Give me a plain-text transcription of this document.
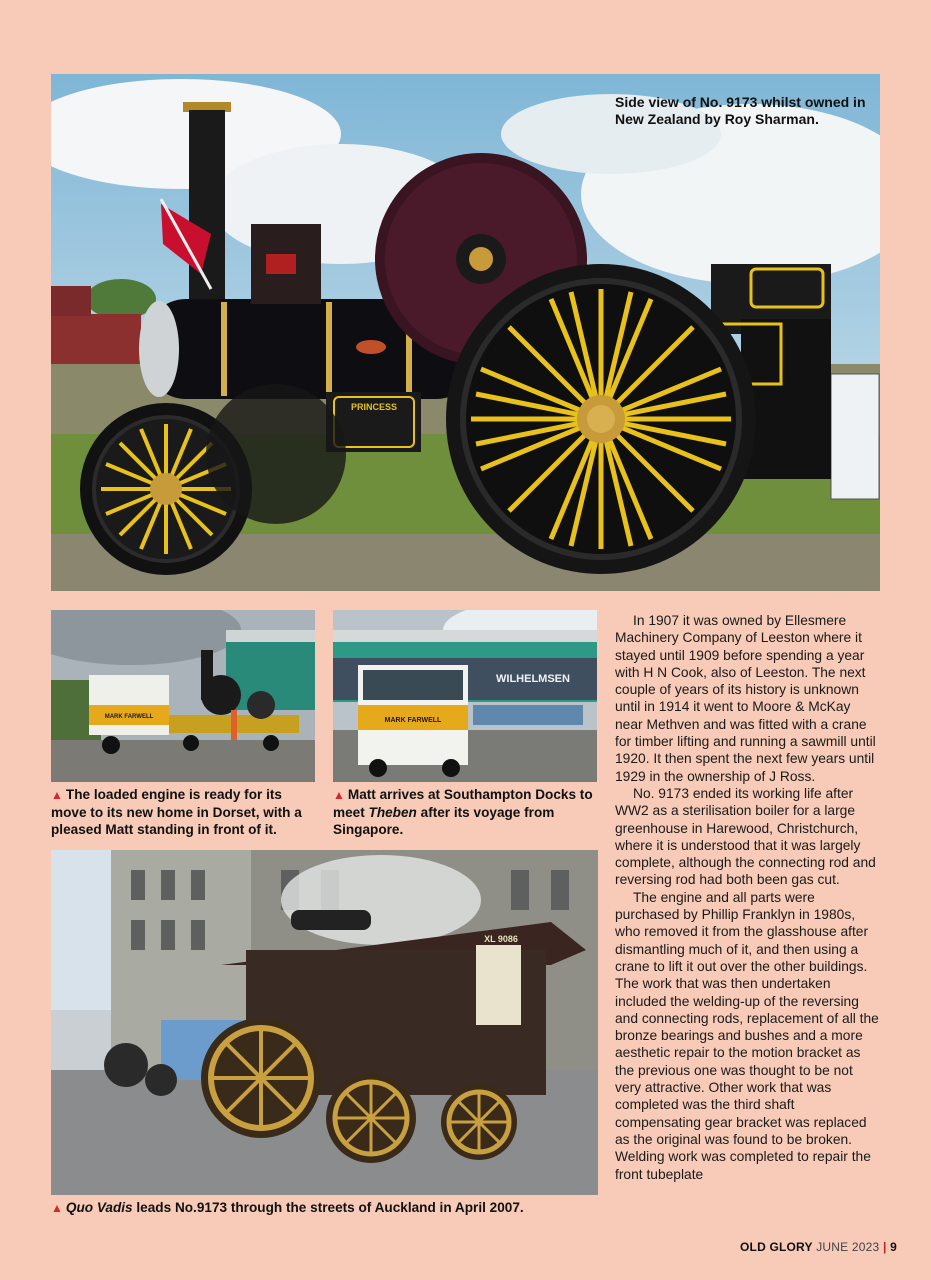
PRINCESS
Side view of No. 9173 whilst owned in New Zealand by Roy Sharman.
MARK FARWELL
▲ The loaded engine is ready for its move to its new home in Dorset, with a pleased Matt standing in front of it.
WILHELMSEN
MARK FARWELL
▲ Matt arrives at Southampton Docks to meet Theben after its voyage from Singapore.
XL 9086
▲ Quo Vadis leads No.9173 through the streets of Auckland in April 2007.

In 1907 it was owned by Ellesmere Machinery Company of Leeston where it stayed until 1909 before spending a year with H N Cook, also of Leeston. The next couple of years of its history is unknown until in 1914 it went to Moore & McKay near Methven and was fitted with a crane for timber lifting and running a sawmill until 1920. It then spent the next few years until 1929 in the ownership of J Ross.

No. 9173 ended its working life after WW2 as a sterilisation boiler for a large greenhouse in Harewood, Christchurch, where it is understood that it was largely complete, although the connecting rod and reversing rod had both been gas cut.

The engine and all parts were purchased by Phillip Franklyn in 1980s, who removed it from the glasshouse after dismantling much of it, and then using a crane to lift it out over the other buildings. The work that was then undertaken included the welding-up of the reversing and connecting rods, replacement of all the bronze bearings and bushes and a more aesthetic repair to the motion bracket as the previous one was thought to be not very attractive. Other work that was completed was the third shaft compensating gear bracket was replaced as the original was found to be broken. Welding work was completed to repair the front tubeplate

OLD GLORY JUNE 2023 | 9
